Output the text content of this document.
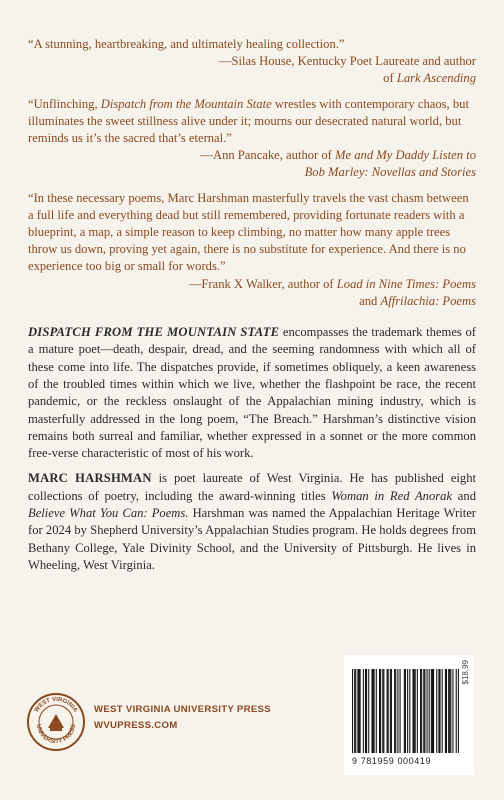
“A stunning, heartbreaking, and ultimately healing collection.”

—Silas House, Kentucky Poet Laureate and author
of Lark Ascending

“Unflinching, Dispatch from the Mountain State wrestles with contemporary chaos, but illuminates the sweet stillness alive under it; mourns our desecrated natural world, but reminds us it’s the sacred that’s eternal.”

—Ann Pancake, author of Me and My Daddy Listen to
Bob Marley: Novellas and Stories

“In these necessary poems, Marc Harshman masterfully travels the vast chasm between a full life and everything dead but still remembered, providing fortunate readers with a blueprint, a map, a simple reason to keep climbing, no matter how many apple trees throw us down, proving yet again, there is no substitute for experience. And there is no experience too big or small for words.”

—Frank X Walker, author of Load in Nine Times: Poems
and Affrilachia: Poems

DISPATCH FROM THE MOUNTAIN STATE encompasses the trademark themes of a mature poet—death, despair, dread, and the seeming randomness with which all of these come into life. The dispatches provide, if sometimes obliquely, a keen awareness of the troubled times within which we live, whether the flashpoint be race, the recent pandemic, or the reckless onslaught of the Appalachian mining industry, which is masterfully addressed in the long poem, “The Breach.” Harshman’s distinctive vision remains both surreal and familiar, whether expressed in a sonnet or the more common free-verse characteristic of most of his work.

MARC HARSHMAN is poet laureate of West Virginia. He has published eight collections of poetry, including the award-winning titles Woman in Red Anorak and Believe What You Can: Poems. Harshman was named the Appalachian Heritage Writer for 2024 by Shepherd University’s Appalachian Studies program. He holds degrees from Bethany College, Yale Divinity School, and the University of Pittsburgh. He lives in Wheeling, West Virginia.

WEST VIRGINIA
UNIVERSITY PRESS
WEST VIRGINIA UNIVERSITY PRESS
WVUPRESS.COM
$18.99
9 781959 000419
